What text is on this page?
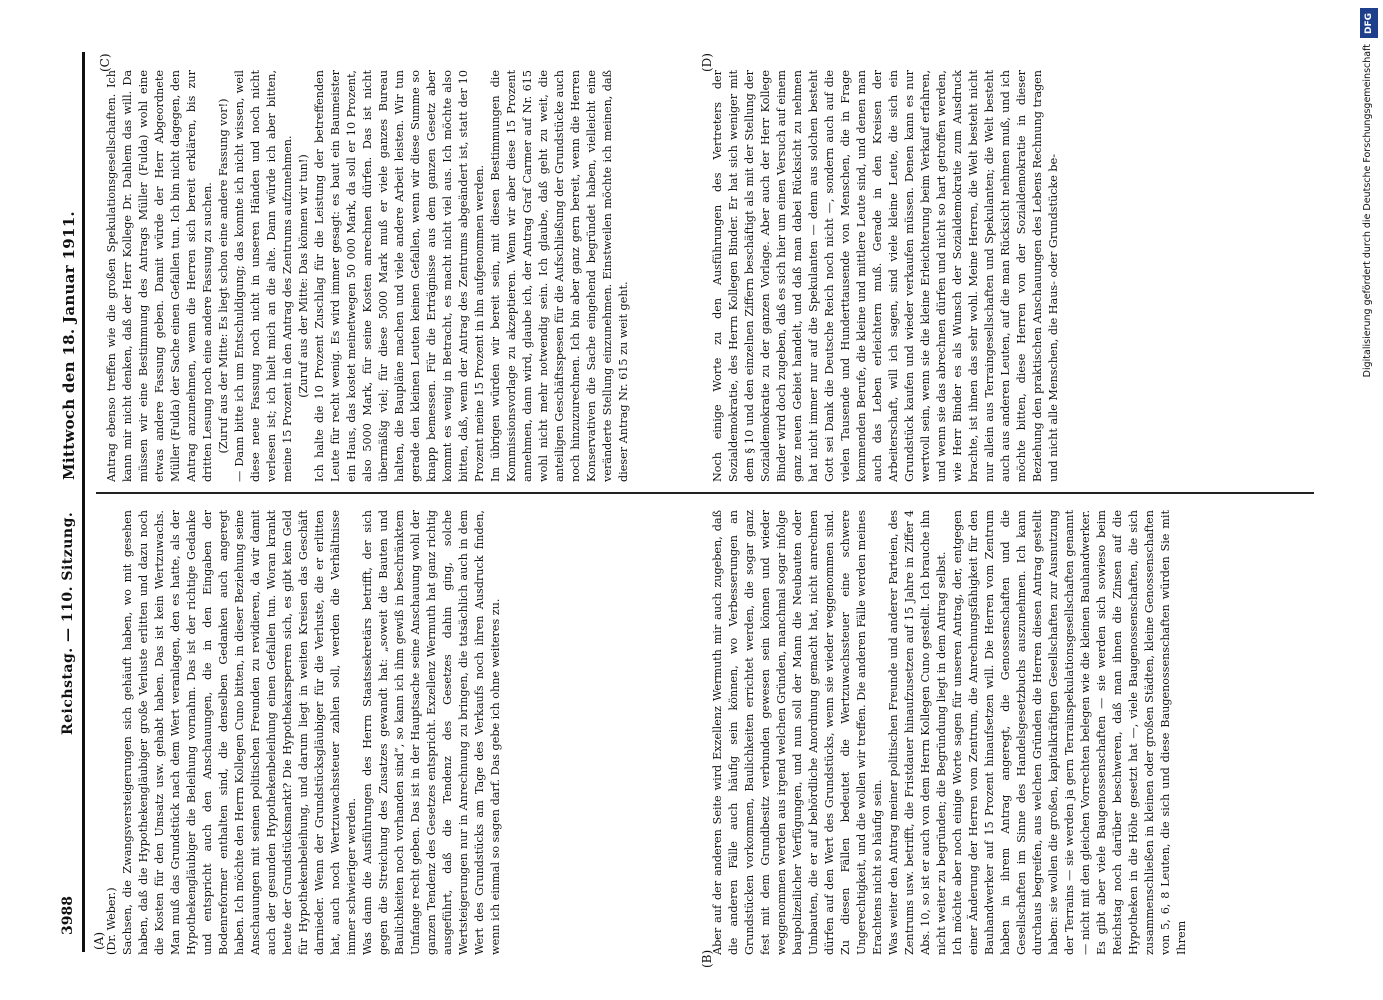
3988
Reichstag. — 110. Sitzung.
Mittwoch den 18. Januar 1911.
(A)
(B)
(C)	(D)

(Dr. Weber.) Sachsen, die Zwangsversteigerungen sich gehäuft haben, wo mit gesehen haben, daß die Hypothekengläubiger große Verluste erlitten und dazu noch die Kosten für den Umsatz usw. gehabt haben. Das ist kein Wertzuwachs. Man muß das Grundstück nach dem Wert veranlagen, den es hatte, als der Hypothekengläubiger die Beleihung vornahm. Das ist der richtige Gedanke und entspricht auch den Anschauungen, die in den Eingaben der Bodenreformer enthalten sind, die denselben Gedanken auch angeregt haben. Ich möchte den Herrn Kollegen Cuno bitten, in dieser Beziehung seine Anschauungen mit seinen politischen Freunden zu revidieren, da wir damit auch der gesunden Hypothekenbeleihung einen Gefallen tun. Woran krankt heute der Grundstücksmarkt? Die Hypothekarsperren sich, es gibt kein Geld für Hypothekenbeleihung, und darum liegt in weiten Kreisen das Geschäft darnieder. Wenn der Grundstücksgläubiger für die Verluste, die er erlitten hat, auch noch Wertzuwachssteuer zahlen soll, werden die Verhältnisse immer schwieriger werden. Was dann die Ausführungen des Herrn Staatssekretärs betrifft, der sich gegen die Streichung des Zusatzes gewandt hat: „soweit die Bauten und Baulichkeiten noch vorhanden sind“, so kann ich ihm gewiß in beschränktem Umfange recht geben. Das ist in der Hauptsache seine Anschauung wohl der ganzen Tendenz des Gesetzes entspricht. Exzellenz Wermuth hat ganz richtig ausgeführt, daß die Tendenz des Gesetzes dahin ging, solche Wertsteigerungen nur in Anrechnung zu bringen, die tatsächlich auch in dem Wert des Grundstücks am Tage des Verkaufs noch ihren Ausdruck finden, wenn ich einmal so sagen darf. Das gebe ich ohne weiteres zu.	Aber auf der anderen Seite wird Exzellenz Wermuth mir auch zugeben, daß die anderen Fälle auch häufig sein können, wo Verbesserungen an Grundstücken vorkommen, Baulichkeiten errichtet werden, die sogar ganz fest mit dem Grundbesitz verbunden gewesen sein können und wieder weggenommen werden aus irgend welchen Gründen, manchmal sogar infolge baupolizeilicher Verfügungen, und nun soll der Mann die Neubauten oder Umbauten, die er auf behördliche Anordnung gemacht hat, nicht anrechnen dürfen auf den Wert des Grundstücks, wenn sie wieder weggenommen sind. Zu diesen Fällen bedeutet die Wertzuwachssteuer eine schwere Ungerechtigkeit, und die wollen wir treffen. Die anderen Fälle werden meines Erachtens nicht so häufig sein. Was weiter den Antrag meiner politischen Freunde und anderer Parteien, des Zentrums usw. betrifft, die Fristdauer hinaufzusetzen auf 15 Jahre in Ziffer 4 Abs. 10, so ist er auch von dem Herrn Kollegen Cuno gestellt. Ich brauche ihn nicht weiter zu begründen; die Begründung liegt in dem Antrag selbst. Ich möchte aber noch einige Worte sagen für unseren Antrag, der, entgegen einer Änderung der Herren vom Zentrum, die Anrechnungsfähigkeit für den Bauhandwerker auf 15 Prozent hinaufsetzen will. Die Herren vom Zentrum haben in ihrem Antrag angeregt, die Genossenschaften und die Gesellschaften im Sinne des Handelsgesetzbuchs auszunehmen. Ich kann durchaus begreifen, aus welchen Gründen die Herren diesen Antrag gestellt haben: sie wollen die großen, kapitalkräftigen Gesellschaften zur Ausnutzung der Terrains — sie werden ja gern Terrainspekulationsgesellschaften genannt — nicht mit den gleichen Vorrechten belegen wie die kleinen Bauhandwerker. Es gibt aber viele Baugenossenschaften — sie werden sich sowieso beim Reichstag noch darüber beschweren, daß man ihnen die Zinsen auf die Hypotheken in die Höhe gesetzt hat —, viele Baugenossenschaften, die sich zusammenschließen in kleinen oder großen Städten, kleine Genossenschaften von 5, 6, 8 Leuten, die sich und diese Baugenossenschaften würden Sie mit Ihrem

Antrag ebenso treffen wie die großen Spekulationsgesellschaften. Ich kann mir nicht denken, daß der Herr Kollege Dr. Dahlem das will. Da müssen wir eine Bestimmung des Antrags Müller (Fulda) wohl eine etwas andere Fassung geben. Damit würde der Herr Abgeordnete Müller (Fulda) der Sache einen Gefallen tun. Ich bin nicht dagegen, den Antrag anzunehmen, wenn die Herren sich bereit erklären, bis zur dritten Lesung noch eine andere Fassung zu suchen. (Zuruf aus der Mitte: Es liegt schon eine andere Fassung vor!) — Dann bitte ich um Entschuldigung; das konnte ich nicht wissen, weil diese neue Fassung noch nicht in unseren Händen und noch nicht verlesen ist; ich hielt mich an die alte. Dann würde ich aber bitten, meine 15 Prozent in den Antrag des Zentrums aufzunehmen. (Zuruf aus der Mitte: Das können wir tun!) Ich halte die 10 Prozent Zuschlag für die Leistung der betreffenden Leute für recht wenig. Es wird immer gesagt: es baut ein Baumeister ein Haus, das kostet meinetwegen 50 000 Mark, da soll er 10 Prozent, also 5000 Mark, für seine Kosten anrechnen dürfen. Das ist nicht übermäßig viel; für diese 5000 Mark muß er viele ganzes Bureau halten, die Baupläne machen und viele andere Arbeit leisten. Wir tun gerade den kleinen Leuten keinen Gefallen, wenn wir diese Summe so knapp bemessen. Für die Erträgnisse aus dem ganzen Gesetz aber kommt es wenig in Betracht, es macht nicht viel aus. Ich möchte also bitten, daß, wenn der Antrag des Zentrums abgeändert ist, statt der 10 Prozent meine 15 Prozent in ihn aufgenommen werden. Im übrigen würden wir bereit sein, mit diesen Bestimmungen die Kommissionsvorlage zu akzeptieren. Wenn wir aber diese 15 Prozent annehmen, dann wird, glaube ich, der Antrag Graf Carmer auf Nr. 615 wohl nicht mehr notwendig sein. Ich glaube, daß geht zu weit, die anteiligen Geschäftsspesen für die Aufschließung der Grundstücke auch noch hinzuzurechnen. Ich bin aber ganz gern bereit, wenn die Herren Konservativen die Sache eingehend begründet haben, vielleicht eine veränderte Stellung einzunehmen. Einstweilen möchte ich meinen, daß dieser Antrag Nr. 615 zu weit geht.	Noch einige Worte zu den Ausführungen des Vertreters der Sozialdemokratie, des Herrn Kollegen Binder. Er hat sich weniger mit dem § 10 und den einzelnen Ziffern beschäftigt als mit der Stellung der Sozialdemokratie zu der ganzen Vorlage. Aber auch der Herr Kollege Binder wird doch zugeben, daß es sich hier um einen Versuch auf einem ganz neuen Gebiet handelt, und daß man dabei Rücksicht zu nehmen hat nicht immer nur auf die Spekulanten — denn aus solchen besteht Gott sei Dank die Deutsche Reich noch nicht —, sondern auch auf die vielen Tausende und Hunderttausende von Menschen, die in Frage kommenden Berufe, die kleine und mittlere Leute sind, und denen man auch das Leben erleichtern muß. Gerade in den Kreisen der Arbeiterschaft, will ich sagen, sind viele kleine Leute, die sich ein Grundstück kaufen und wieder verkaufen müssen. Denen kann es nur wertvoll sein, wenn sie die kleine Erleichterung beim Verkauf erfahren, und wenn sie das abrechnen dürfen und nicht so hart getroffen werden, wie Herr Binder es als Wunsch der Sozialdemokratie zum Ausdruck brachte, ist ihnen das sehr wohl. Meine Herren, die Welt besteht nicht nur allein aus Terraingesellschaften und Spekulanten; die Welt besteht auch aus anderen Leuten, auf die man Rücksicht nehmen muß, und ich möchte bitten, diese Herren von der Sozialdemokratie in dieser Beziehung den praktischen Anschauungen des Lebens Rechnung tragen und nicht alle Menschen, die Haus- oder Grundstücke be-

DFG
Digitalisierung gefördert durch die Deutsche Forschungsgemeinschaft
